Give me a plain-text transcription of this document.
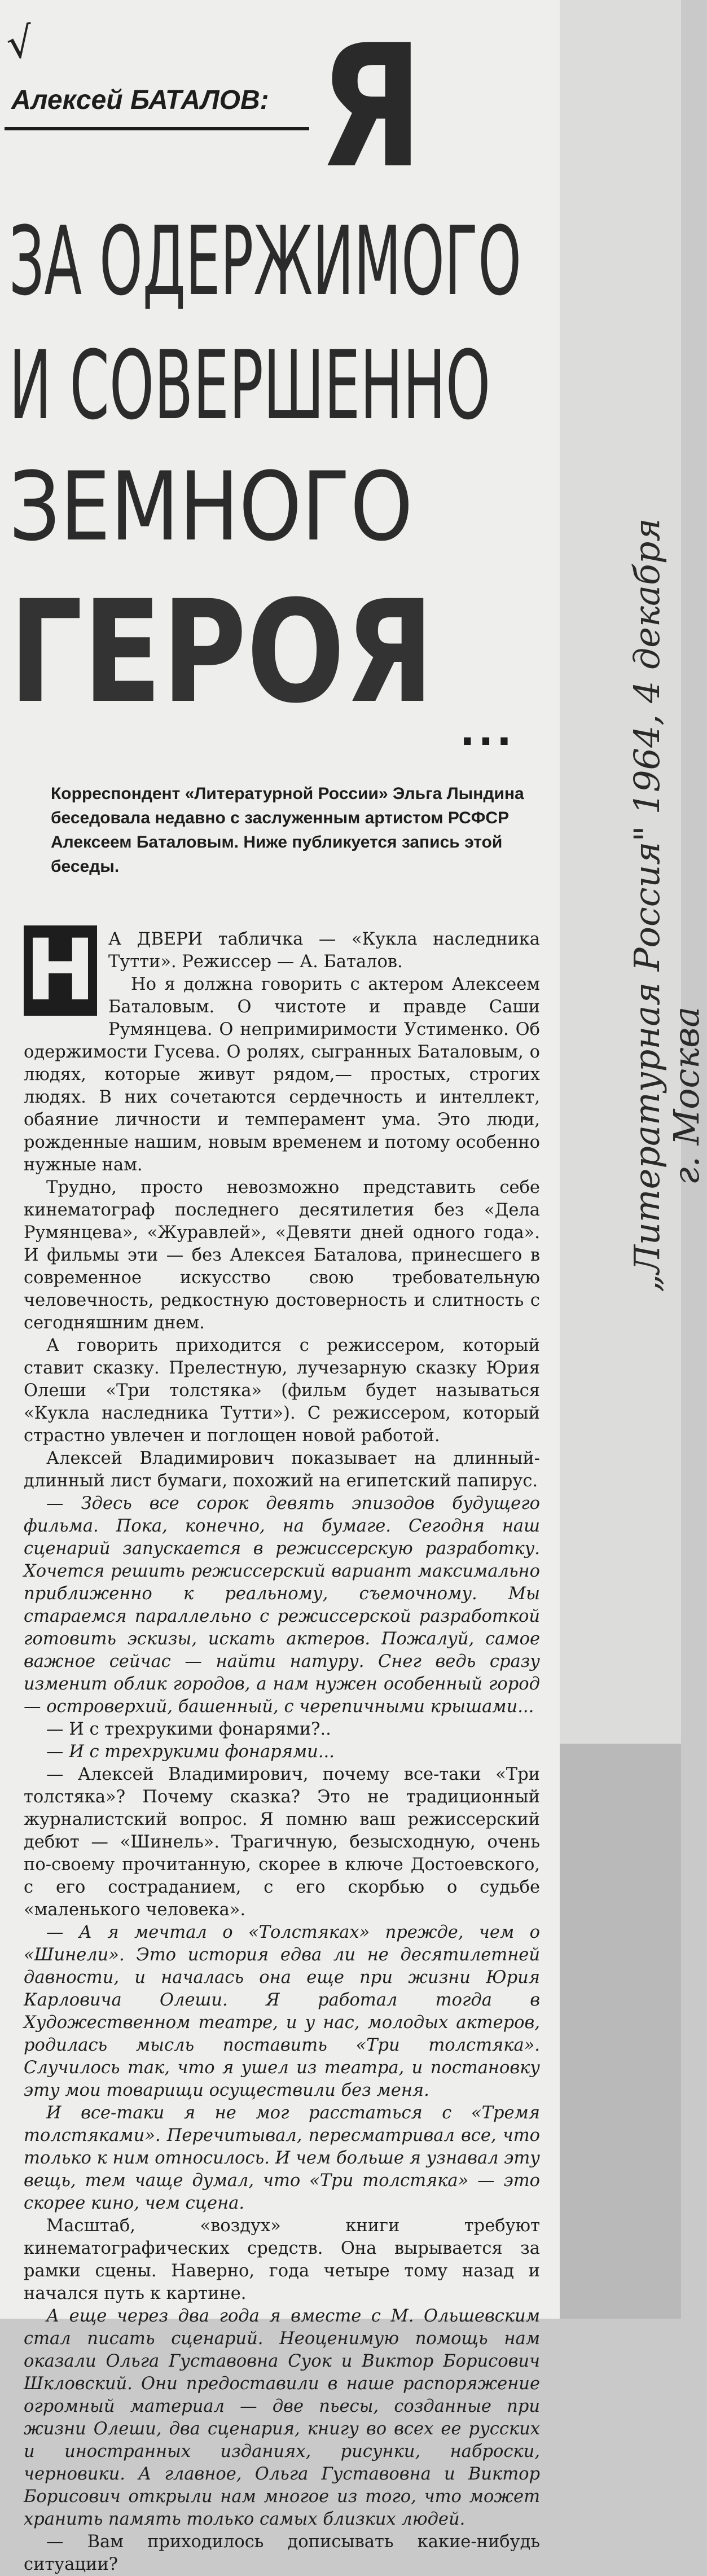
√
Алексей БАТАЛОВ: Я
ЗА ОДЕРЖИМОГО
И СОВЕРШЕННО
ЗЕМНОГО
ГЕРОЯ ...
Корреспондент «Литературной России» Эльга Лындина беседовала недавно с заслуженным артистом РСФСР Алексеем Баталовым. Ниже публикуется запись этой беседы.

А ДВЕРИ табличка — «Кукла наследника Тутти». Режиссер — А. Баталов.

Но я должна говорить с актером Алексеем Баталовым. О чистоте и правде Саши Румянцева. О непримиримости Устименко. Об одержимости Гусева. О ролях, сыгранных Баталовым, о людях, которые живут рядом,— простых, строгих людях. В них сочетаются сердечность и интеллект, обаяние личности и темперамент ума. Это люди, рожденные нашим, новым временем и потому особенно нужные нам.

Трудно, просто невозможно представить себе кинематограф последнего десятилетия без «Дела Румянцева», «Журавлей», «Девяти дней одного года». И фильмы эти — без Алексея Баталова, принесшего в современное искусство свою требовательную человечность, редкостную достоверность и слитность с сегодняшним днем.

А говорить приходится с режиссером, который ставит сказку. Прелестную, лучезарную сказку Юрия Олеши «Три толстяка» (фильм будет называться «Кукла наследника Тутти»). С режиссером, который страстно увлечен и поглощен новой работой.

Алексей Владимирович показывает на длинный-длинный лист бумаги, похожий на египетский папирус.

— Здесь все сорок девять эпизодов будущего фильма. Пока, конечно, на бумаге. Сегодня наш сценарий запускается в режиссерскую разработку. Хочется решить режиссерский вариант максимально приближенно к реальному, съемочному. Мы стараемся параллельно с режиссерской разработкой готовить эскизы, искать актеров. Пожалуй, самое важное сейчас — найти натуру. Снег ведь сразу изменит облик городов, а нам нужен особенный город — островерхий, башенный, с черепичными крышами...

— И с трехрукими фонарями?..

— И с трехрукими фонарями...

— Алексей Владимирович, почему все-таки «Три толстяка»? Почему сказка? Это не традиционный журналистский вопрос. Я помню ваш режиссерский дебют — «Шинель». Трагичную, безысходную, очень по-своему прочитанную, скорее в ключе Достоевского, с его состраданием, с его скорбью о судьбе «маленького человека».

— А я мечтал о «Толстяках» прежде, чем о «Шинели». Это история едва ли не десятилетней давности, и началась она еще при жизни Юрия Карловича Олеши. Я работал тогда в Художественном театре, и у нас, молодых актеров, родилась мысль поставить «Три толстяка». Случилось так, что я ушел из театра, и постановку эту мои товарищи осуществили без меня.

И все-таки я не мог расстаться с «Тремя толстяками». Перечитывал, пересматривал все, что только к ним относилось. И чем больше я узнавал эту вещь, тем чаще думал, что «Три толстяка» — это скорее кино, чем сцена.

Масштаб, «воздух» книги требуют кинематографических средств. Она вырывается за рамки сцены. Наверно, года четыре тому назад и начался путь к картине.

А еще через два года я вместе с М. Ольшевским стал писать сценарий. Неоценимую помощь нам оказали Ольга Густавовна Суок и Виктор Борисович Шкловский. Они предоставили в наше распоряжение огромный материал — две пьесы, созданные при жизни Олеши, два сценария, книгу во всех ее русских и иностранных изданиях, рисунки, наброски, черновики. А главное, Ольга Густавовна и Виктор Борисович открыли нам многое из того, что может хранить память только самых близких людей.

— Вам приходилось дописывать какие-нибудь ситуации?

Н	„Литературная Россия" 1964, 4 декабря
г. Москва
